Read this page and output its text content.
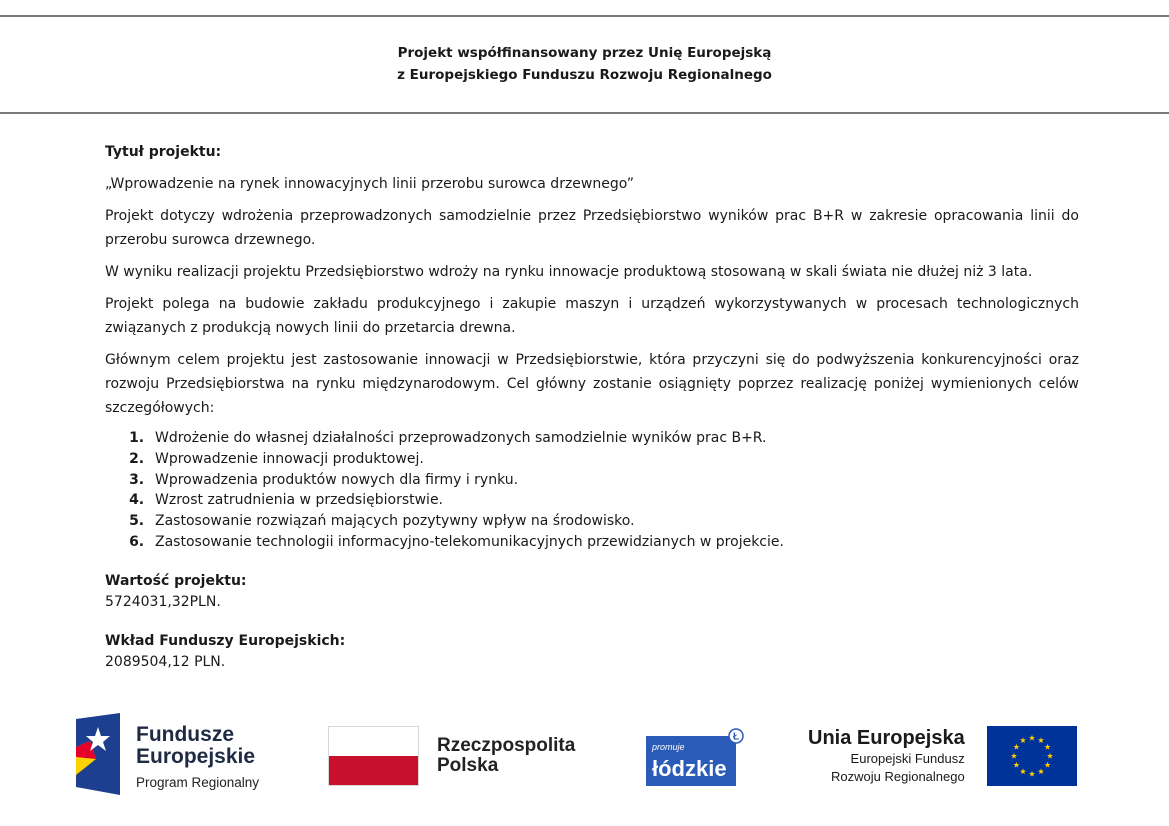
Projekt współfinansowany przez Unię Europejską
z Europejskiego Funduszu Rozwoju Regionalnego

Tytuł projektu:

„Wprowadzenie na rynek innowacyjnych linii przerobu surowca drzewnego”

Projekt dotyczy wdrożenia przeprowadzonych samodzielnie przez Przedsiębiorstwo wyników prac B+R w zakresie opracowania linii do przerobu surowca drzewnego.

W wyniku realizacji projektu Przedsiębiorstwo wdroży na rynku innowacje produktową stosowaną w skali świata nie dłużej niż 3 lata.

Projekt polega na budowie zakładu produkcyjnego i zakupie maszyn i urządzeń wykorzystywanych w procesach technologicznych związanych z produkcją nowych linii do przetarcia drewna.

Głównym celem projektu jest zastosowanie innowacji w Przedsiębiorstwie, która przyczyni się do podwyższenia konkurencyjności oraz rozwoju Przedsiębiorstwa na rynku międzynarodowym. Cel główny zostanie osiągnięty poprzez realizację poniżej wymienionych celów szczegółowych:

1. Wdrożenie do własnej działalności przeprowadzonych samodzielnie wyników prac B+R.
2. Wprowadzenie innowacji produktowej.
3. Wprowadzenia produktów nowych dla firmy i rynku.
4. Wzrost zatrudnienia w przedsiębiorstwie.
5. Zastosowanie rozwiązań mających pozytywny wpływ na środowisko.
6. Zastosowanie technologii informacyjno-telekomunikacyjnych przewidzianych w projekcie.

Wartość projektu:

5724031,32PLN.

Wkład Funduszy Europejskich:

2089504,12 PLN.

Fundusze
Europejskie
Program Regionalny
Rzeczpospolita
Polska
Ł
promuje
łódzkie
Unia Europejska
Europejski Fundusz
Rozwoju Regionalnego
